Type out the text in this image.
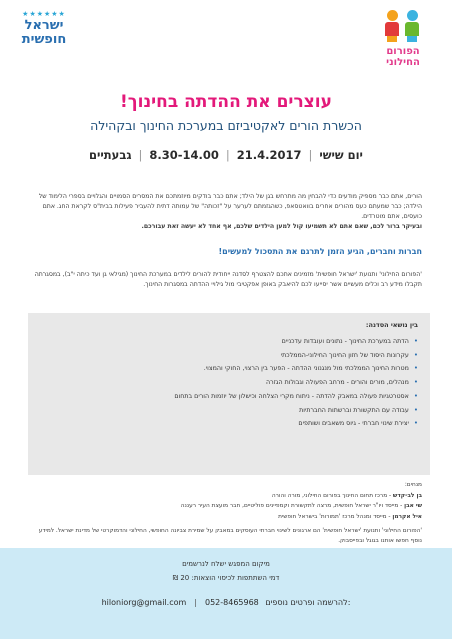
★★★★★★
ישראל
חופשית
הפורום
החילוני
עוצרים את ההדתה בחינוך!
הכשרת הורים לאקטיביזם במערכת החינוך ובקהילה
יום שישי|21.4.2017|8.30-14.00|גבעתיים
הורים, אתם כבר מספיק מודעים כדי להבחין מה מתרחש בגן של הילד; אתם כבר בודקים מיוזמתכם את המסרים הסמויים והגלויים בספרי הלימוד של הילדה; כבר שמעתם כעס מהורים אחרים בוואטסאפ, כשהגזמתם לערער על "זכותה" של עמותה דתית להעביר פעילות בבית"ס לקראת החג. אתם כועסים, אתם מוטרדים.
ובעיקר ברור לכם, שאם אתם לא תשמיעו קול למען הילדים שלכם, אף אחד לא יעשה זאת עבורכם.
חברות וחברים, הגיע הזמן לתרגם את התסכול למעשים!
'הפורום החילוני' ותנועת 'ישראל חופשית' מזמינים אתכם להצטרף לסדנה ייחודית להורים לילדים במערכת החינוך (מגילאי גן ועד כיתה י"ב), במסגרתה תקבלו מידע רב וכלים מעשיים אשר יסייעו לכם להיאבק באופן אפקטיבי מול גילויי ההדתה במסגרות החינוך.
בין נושאי הסדנה:
•הדתה במערכת החינוך - נתונים ועובדות עדכניים
•עקרונות היסוד של חזון החינוך החילוני-הממלכתי
•מטרות החינוך הממלכתי מול מנגנוני ההדתה - הפער בין הרצוי, החוקי והמצוי.
•מנהלים, מורים והורים - מרחב הפעולה וגבולות הגזרה
•אסטרטגיות פעולה במאבק להדתה - ניתוח מקרי הצלחה וכישלון של יוזמות הורים בתחום
•עבודה עם התקשורת וברשתות החברתיות
•יצירת שינוי חברתי - גיוס משאבים ושותפים
מנחים:
בן לב-קדש - מרכז תחום החינוך בפורום החילוני, מורה והורה
שי אבן - מייסד ויו"ר ישראל חופשית, מרצה לתקשורת וקמפיינים פוליטיים, חבר מועצת העיר רעננה
איל אקרמן - מייסד ומנהל מרכז 'תמורות' בישראל חופשית
'הפורום החילוני' ותנועת 'ישראל חופשית' הם ארגונים לשינוי חברתי העוסקים במאבק על שמירת צביונה החופשי, החילוני והדמוקרטי של מדינת ישראל. למידע נוסף חפשו אותנו בגוגל ובפייסבוק.
מיקום המפגש ישלח לנרשמים
דמי השתתפות לכיסוי הוצאות: 20 ₪
hiloniorg@gmail.com | 052-8465968 להרשמה ופרטים נוספים:
